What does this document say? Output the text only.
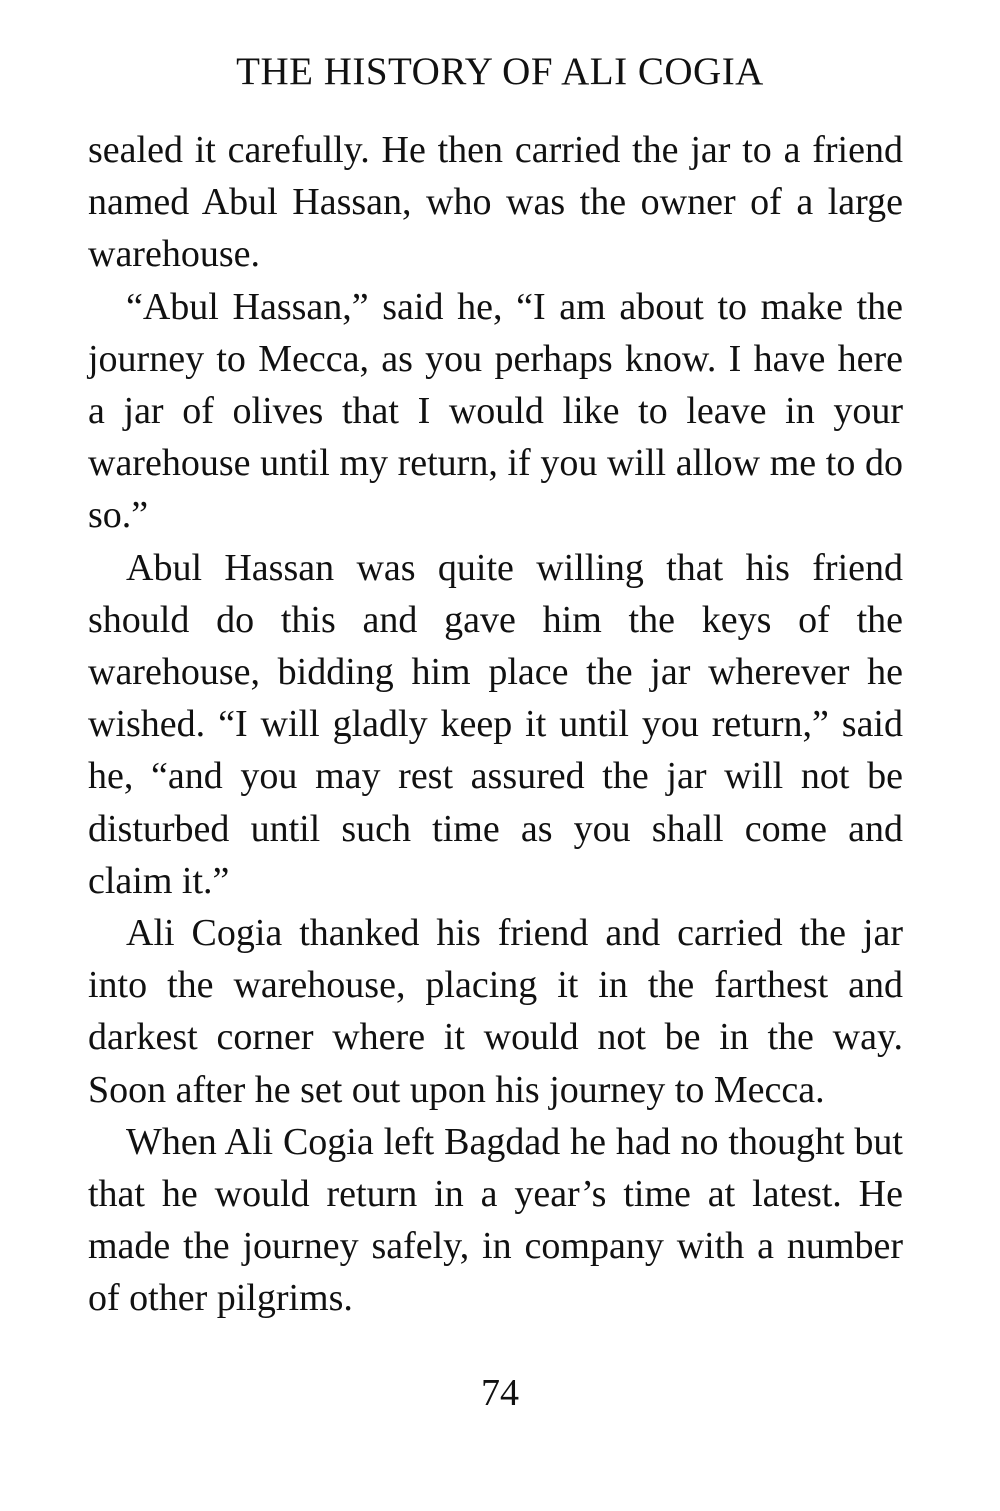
THE HISTORY OF ALI COGIA

sealed it carefully. He then carried the jar to a friend named Abul Hassan, who was the owner of a large warehouse.

“Abul Hassan,” said he, “I am about to make the journey to Mecca, as you perhaps know. I have here a jar of olives that I would like to leave in your warehouse until my return, if you will allow me to do so.”

Abul Hassan was quite willing that his friend should do this and gave him the keys of the warehouse, bidding him place the jar wherever he wished. “I will gladly keep it until you return,” said he, “and you may rest assured the jar will not be disturbed until such time as you shall come and claim it.”

Ali Cogia thanked his friend and carried the jar into the warehouse, placing it in the farthest and darkest corner where it would not be in the way. Soon after he set out upon his journey to Mecca.

When Ali Cogia left Bagdad he had no thought but that he would return in a year’s time at latest. He made the journey safely, in company with a number of other pilgrims.

74
